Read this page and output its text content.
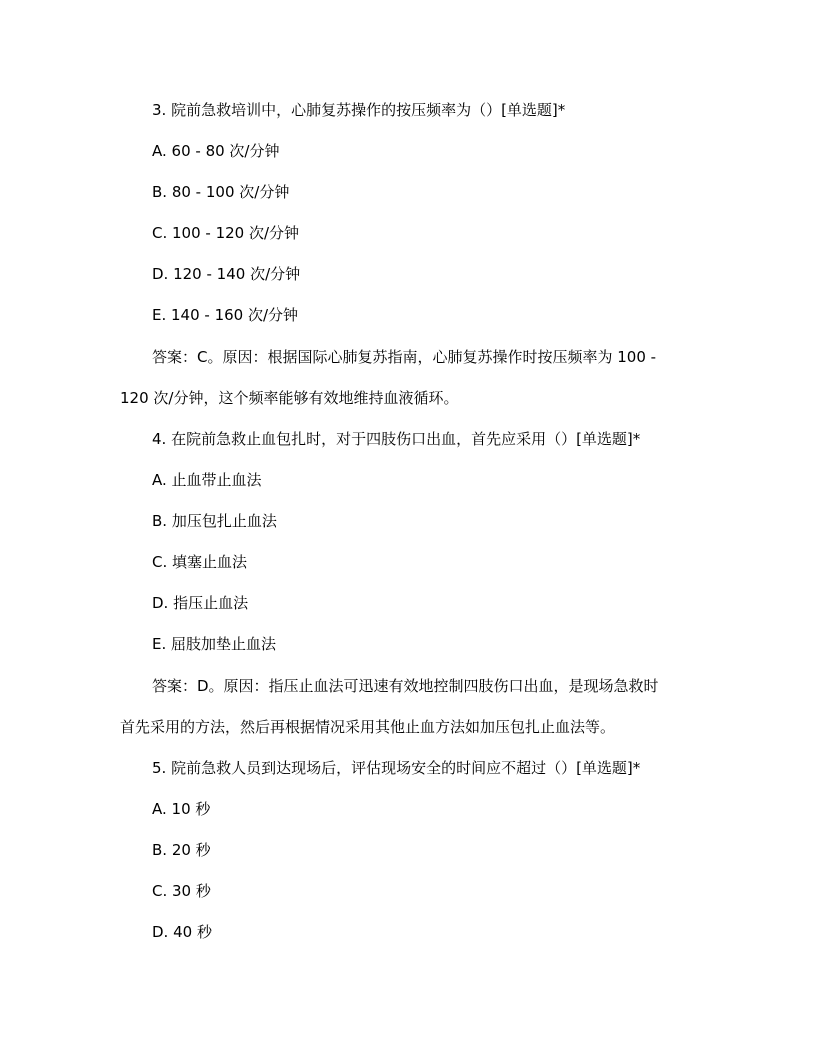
3. 院前急救培训中，心肺复苏操作的按压频率为（）[单选题]*
A. 60 - 80 次/分钟
B. 80 - 100 次/分钟
C. 100 - 120 次/分钟
D. 120 - 140 次/分钟
E. 140 - 160 次/分钟
答案：C。原因：根据国际心肺复苏指南，心肺复苏操作时按压频率为 100 -
120 次/分钟，这个频率能够有效地维持血液循环。
4. 在院前急救止血包扎时，对于四肢伤口出血，首先应采用（）[单选题]*
A. 止血带止血法
B. 加压包扎止血法
C. 填塞止血法
D. 指压止血法
E. 屈肢加垫止血法
答案：D。原因：指压止血法可迅速有效地控制四肢伤口出血，是现场急救时
首先采用的方法，然后再根据情况采用其他止血方法如加压包扎止血法等。
5. 院前急救人员到达现场后，评估现场安全的时间应不超过（）[单选题]*
A. 10 秒
B. 20 秒
C. 30 秒
D. 40 秒
